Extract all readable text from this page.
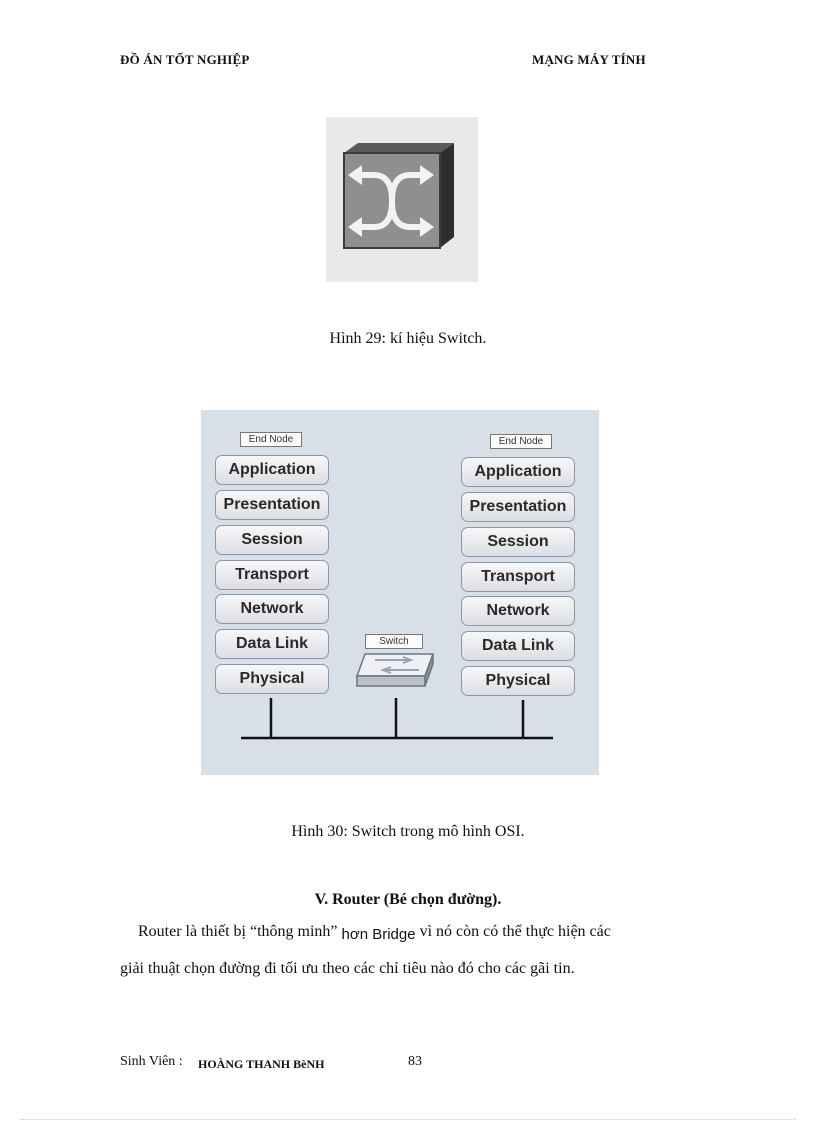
ĐỒ ÁN TỐT NGHIỆP	MẠNG MÁY TÍNH
Hình 29: kí hiệu Switch.
End Node
Application
Presentation
Session
Transport
Network
Data Link
Physical
End Node
Application
Presentation
Session
Transport
Network
Data Link
Physical
Switch
Hình 30: Switch trong mô hình OSI.
V. Router (Bé chọn đường).
Router là thiết bị “thông minh” hơn Bridge vì nó còn có thể thực hiện các
giải thuật chọn đường đi tối ưu theo các chỉ tiêu nào đó cho các gãi tin.
Sinh Viên : HOÀNG THANH BèNH	83
